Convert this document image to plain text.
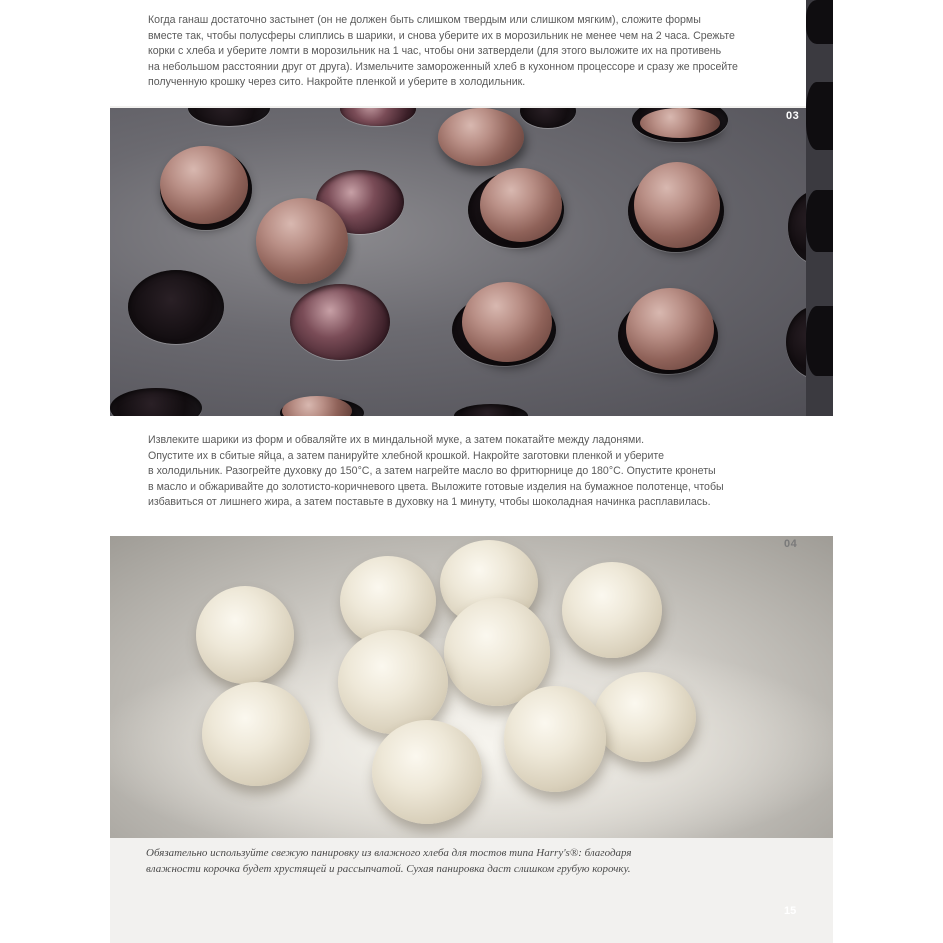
Когда ганаш достаточно застынет (он не должен быть слишком твердым или слишком мягким), сложите формы

вместе так, чтобы полусферы слиплись в шарики, и снова уберите их в морозильник не менее чем на 2 часа. Срежьте

корки с хлеба и уберите ломти в морозильник на 1 час, чтобы они затвердели (для этого выложите их на противень

на небольшом расстоянии друг от друга). Измельчите замороженный хлеб в кухонном процессоре и сразу же просейте

полученную крошку через сито. Накройте пленкой и уберите в холодильник.

03

Извлеките шарики из форм и обваляйте их в миндальной муке, а затем покатайте между ладонями.

Опустите их в сбитые яйца, а затем панируйте хлебной крошкой. Накройте заготовки пленкой и уберите

в холодильник. Разогрейте духовку до 150°С, а затем нагрейте масло во фритюрнице до 180°С. Опустите кронеты

в масло и обжаривайте до золотисто-коричневого цвета. Выложите готовые изделия на бумажное полотенце, чтобы

избавиться от лишнего жира, а затем поставьте в духовку на 1 минуту, чтобы шоколадная начинка расплавилась.

04
Обязательно используйте свежую панировку из влажного хлеба для тостов типа Harry's®: благодаря
влажности корочка будет хрустящей и рассыпчатой. Сухая панировка даст слишком грубую корочку.
15
